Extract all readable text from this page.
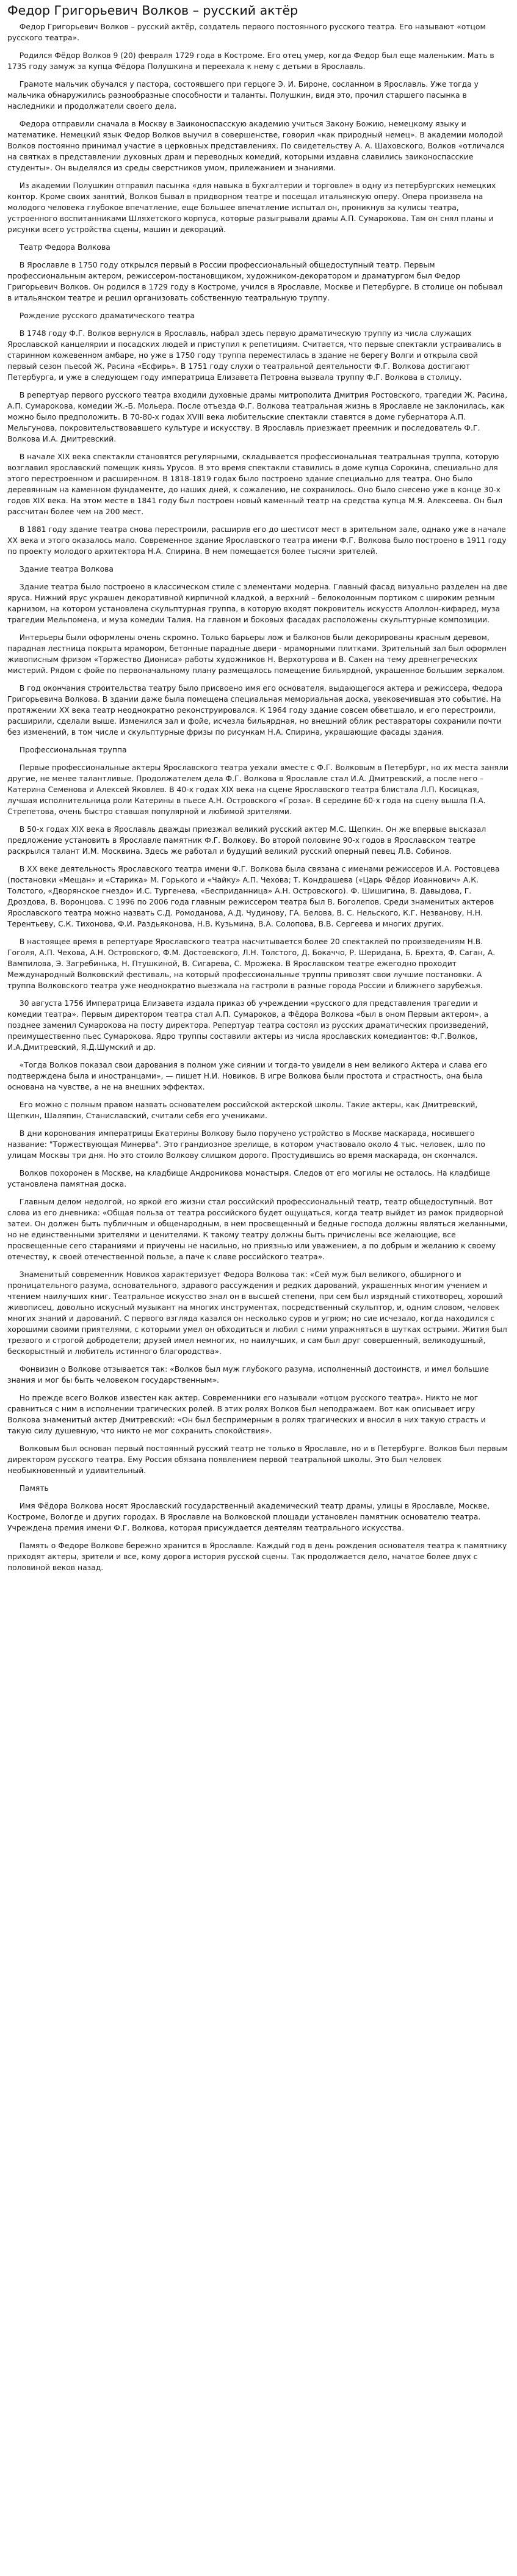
Федор Григорьевич Волков – русский актёр

Федор Григорьевич Волков – русский актёр, создатель первого постоянного русского театра. Его называют «отцом русского театра».

Родился Фёдор Волков 9 (20) февраля 1729 года в Костроме. Его отец умер, когда Федор был еще маленьким. Мать в 1735 году замуж за купца Фёдора Полушкина и переехала к нему с детьми в Ярославль.

Грамоте мальчик обучался у пастора, состоявшего при герцоге Э. И. Бироне, сосланном в Ярославль. Уже тогда у мальчика обнаружились разнообразные способности и таланты. Полушкин, видя это, прочил старшего пасынка в наследники и продолжатели своего дела.

Федора отправили сначала в Москву в Заиконоспасскую академию учиться Закону Божию, немецкому языку и математике. Немецкий язык Федор Волков выучил в совершенстве, говорил «как природный немец». В академии молодой Волков постоянно принимал участие в церковных представлениях. По свидетельству А. А. Шаховского, Волков «отличался на святках в представлении духовных драм и переводных комедий, которыми издавна славились заиконоспасские студенты». Он выделялся из среды сверстников умом, прилежанием и знаниями.

Из академии Полушкин отправил пасынка «для навыка в бухгалтерии и торговле» в одну из петербургских немецких контор. Кроме своих занятий, Волков бывал в придворном театре и посещал итальянскую оперу. Опера произвела на молодого человека глубокое впечатление, еще большее впечатление испытал он, проникнув за кулисы театра, устроенного воспитанниками Шляхетского корпуса, которые разыгрывали драмы А.П. Сумарокова. Там он снял планы и рисунки всего устройства сцены, машин и декораций.

Театр Федора Волкова

В Ярославле в 1750 году открылся первый в России профессиональный общедоступный театр. Первым профессиональным актером, режиссером-постановщиком, художником-декоратором и драматургом был Федор Григорьевич Волков. Он родился в 1729 году в Костроме, учился в Ярославле, Москве и Петербурге. В столице он побывал в итальянском театре и решил организовать собственную театральную труппу.

Рождение русского драматического театра

В 1748 году Ф.Г. Волков вернулся в Ярославль, набрал здесь первую драматическую труппу из числа служащих Ярославской канцелярии и посадских людей и приступил к репетициям. Считается, что первые спектакли устраивались в старинном кожевенном амбаре, но уже в 1750 году труппа переместилась в здание не берегу Волги и открыла свой первый сезон пьесой Ж. Расина «Есфирь». В 1751 году слухи о театральной деятельности Ф.Г. Волкова достигают Петербурга, и уже в следующем году императрица Елизавета Петровна вызвала труппу Ф.Г. Волкова в столицу.

В репертуар первого русского театра входили духовные драмы митрополита Дмитрия Ростовского, трагедии Ж. Расина, А.П. Сумарокова, комедии Ж.-Б. Мольера. После отъезда Ф.Г. Волкова театральная жизнь в Ярославле не заклонилась, как можно было предположить. В 70-80-х годах XVIII века любительские спектакли ставятся в доме губернатора А.П. Мельгунова, покровительствовавшего культуре и искусству. В Ярославль приезжает преемник и последователь Ф.Г. Волкова И.А. Дмитревский.

В начале XIX века спектакли становятся регулярными, складывается профессиональная театральная труппа, которую возглавил ярославский помещик князь Урусов. В это время спектакли ставились в доме купца Сорокина, специально для этого перестроенном и расширенном. В 1818-1819 годах было построено здание специально для театра. Оно было деревянным на каменном фундаменте, до наших дней, к сожалению, не сохранилось. Оно было снесено уже в конце 30-х годов XIX века. На этом месте в 1841 году был построен новый каменный театр на средства купца М.Я. Алексеева. Он был рассчитан более чем на 200 мест.

В 1881 году здание театра снова перестроили, расширив его до шестисот мест в зрительном зале, однако уже в начале XX века и этого оказалось мало. Современное здание Ярославского театра имени Ф.Г. Волкова было построено в 1911 году по проекту молодого архитектора Н.А. Спирина. В нем помещается более тысячи зрителей.

Здание театра Волкова

Здание театра было построено в классическом стиле с элементами модерна. Главный фасад визуально разделен на две яруса. Нижний ярус украшен декоративной кирпичной кладкой, а верхний – белоколонным портиком с широким резным карнизом, на котором установлена скульптурная группа, в которую входят покровитель искусств Аполлон-кифаред, муза трагедии Мельпомена, и муза комедии Талия. На главном и боковых фасадах расположены скульптурные композиции.

Интерьеры были оформлены очень скромно. Только барьеры лож и балконов были декорированы красным деревом, парадная лестница покрыта мрамором, бетонные парадные двери - мраморными плитками. Зрительный зал был оформлен живописным фризом «Торжество Диониса» работы художников Н. Верхотурова и В. Сакен на тему древнегреческих мистерий. Рядом с фойе по первоначальному плану размещалось помещение бильярдной, украшенное большим зеркалом.

В год окончания строительства театру было присвоено имя его основателя, выдающегося актера и режиссера, Федора Григорьевича Волкова. В здании даже была помещена специальная мемориальная доска, увековечившая это событие. На протяжении XX века театр неоднократно реконструировался. К 1964 году здание совсем обветшало, и его перестроили, расширили, сделали выше. Изменился зал и фойе, исчезла бильярдная, но внешний облик реставраторы сохранили почти без изменений, в том числе и скульптурные фризы по рисункам Н.А. Спирина, украшающие фасады здания.

Профессиональная труппа

Первые профессиональные актеры Ярославского театра уехали вместе с Ф.Г. Волковым в Петербург, но их места заняли другие, не менее талантливые. Продолжателем дела Ф.Г. Волкова в Ярославле стал И.А. Дмитревский, а после него – Катерина Семенова и Алексей Яковлев. В 40-х годах XIX века на сцене Ярославского театра блистала Л.П. Косицкая, лучшая исполнительница роли Катерины в пьесе А.Н. Островского «Гроза». В середине 60-х года на сцену вышла П.А. Стрепетова, очень быстро ставшая популярной и любимой зрителями.

В 50-х годах XIX века в Ярославль дважды приезжал великий русский актер М.С. Щепкин. Он же впервые высказал предложение установить в Ярославле памятник Ф.Г. Волкову. Во второй половине 90-х годов в Ярославском театре раскрылся талант И.М. Москвина. Здесь же работал и будущий великий русский оперный певец Л.В. Собинов.

В XX веке деятельность Ярославского театра имени Ф.Г. Волкова была связана с именами режиссеров И.А. Ростовцева (постановки «Мещан» и «Старика» М. Горького и «Чайку» А.П. Чехова; Т. Кондрашева («Царь Фёдор Иоаннович» А.К. Толстого, «Дворянское гнездо» И.С. Тургенева, «Бесприданница» А.Н. Островского). Ф. Шишигина, В. Давыдова, Г. Дроздова, В. Воронцова. С 1996 по 2006 года главным режиссером театра был В. Боголепов. Среди знаменитых актеров Ярославского театра можно назвать С.Д. Ромоданова, А.Д. Чудинову, ГА. Белова, В. С. Нельского, К.Г. Незванову, Н.Н. Терентьеву, С.К. Тихонова, Ф.И. Раздьяконова, Н.В. Кузьмина, В.А. Солопова, В.В. Сергеева и многих других.

В настоящее время в репертуаре Ярославского театра насчитывается более 20 спектаклей по произведениям Н.В. Гоголя, А.П. Чехова, А.Н. Островского, Ф.М. Достоевского, Л.Н. Толстого, Д. Бокаччо, Р. Шеридана, Б. Брехта, Ф. Саган, А. Вампилова, Э. Загребинька, Н. Птушкиной, В. Сигарева, С. Мрожека. В Ярославском театре ежегодно проходит Международный Волковский фестиваль, на который профессиональные труппы привозят свои лучшие постановки. А труппа Волковского театра уже неоднократно выезжала на гастроли в разные города России и ближнего зарубежья.

30 августа 1756 Императрица Елизавета издала приказ об учреждении «русского для представления трагедии и комедии театра». Первым директором театра стал А.П. Сумароков, а Фёдора Волкова «был в оном Первым актером», а позднее заменил Сумарокова на посту директора. Репертуар театра состоял из русских драматических произведений, преимущественно пьес Сумарокова. Ядро труппы составили актеры из числа ярославских комедиантов: Ф.Г.Волков, И.А.Дмитревский, Я.Д.Шумский и др.

«Тогда Волков показал свои дарования в полном уже сиянии и тогда-то увидели в нем великого Актера и слава его подтверждена была и иностранцами», — пишет Н.И. Новиков. В игре Волкова были простота и страстность, она была основана на чувстве, а не на внешних эффектах.

Его можно с полным правом назвать основателем российской актерской школы. Такие актеры, как Дмитревский, Щепкин, Шаляпин, Станиславский, считали себя его учениками.

В дни коронования императрицы Екатерины Волкову было поручено устройство в Москве маскарада, носившего название: "Торжествующая Минерва". Это грандиозное зрелище, в котором участвовало около 4 тыс. человек, шло по улицам Москвы три дня. Но это стоило Волкову слишком дорого. Простудившись во время маскарада, он скончался.

Волков похоронен в Москве, на кладбище Андроникова монастыря. Следов от его могилы не осталось. На кладбище установлена памятная доска.

Главным делом недолгой, но яркой его жизни стал российский профессиональный театр, театр общедоступный. Вот слова из его дневника: «Общая польза от театра российского будет ощущаться, когда театр выйдет из рамок придворной затеи. Он должен быть публичным и общенародным, в нем просвещенный и бедные господа должны являться желанными, но не единственными зрителями и ценителями. К такому театру должны быть причислены все желающие, все просвещенные сего стараниями и приучены не насильно, но приязнью или уважением, а по добрым и желанию к своему отечеству, к своей отечественной пользе, а паче к славе российского театра».

Знаменитый современник Новиков характеризует Федора Волкова так: «Сей муж был великого, обширного и проницательного разума, основательного, здравого рассуждения и редких дарований, украшенных многим учением и чтением наилучших книг. Театральное искусство знал он в высшей степени, при сем был изрядный стихотворец, хороший живописец, довольно искусный музыкант на многих инструментах, посредственный скульптор, и, одним словом, человек многих знаний и дарований. С первого взгляда казался он несколько суров и угрюм; но сие исчезало, когда находился с хорошими своими приятелями, с которыми умел он обходиться и любил с ними упражняться в шутках острыми. Жития был трезвого и строгой добродетели; друзей имел немногих, но наилучших, и сам был друг совершенный, великодушный, бескорыстный и любитель истинного благородства».

Фонвизин о Волкове отзывается так: «Волков был муж глубокого разума, исполненный достоинств, и имел большие знания и мог бы быть человеком государственным».

Но прежде всего Волков известен как актер. Современники его называли «отцом русского театра». Никто не мог сравниться с ним в исполнении трагических ролей. В этих ролях Волков был неподражаем. Вот как описывает игру Волкова знаменитый актер Дмитревский: «Он был беспримерным в ролях трагических и вносил в них такую страсть и такую силу душевную, что никто не мог сохранить спокойствия».

Волковым был основан первый постоянный русский театр не только в Ярославле, но и в Петербурге. Волков был первым директором русского театра. Ему Россия обязана появлением первой театральной школы. Это был человек необыкновенный и удивительный.

Память

Имя Фёдора Волкова носят Ярославский государственный академический театр драмы, улицы в Ярославле, Москве, Костроме, Вологде и других городах. В Ярославле на Волковской площади установлен памятник основателю театра. Учреждена премия имени Ф.Г. Волкова, которая присуждается деятелям театрального искусства.

Память о Федоре Волкове бережно хранится в Ярославле. Каждый год в день рождения основателя театра к памятнику приходят актеры, зрители и все, кому дорога история русской сцены. Так продолжается дело, начатое более двух с половиной веков назад.
